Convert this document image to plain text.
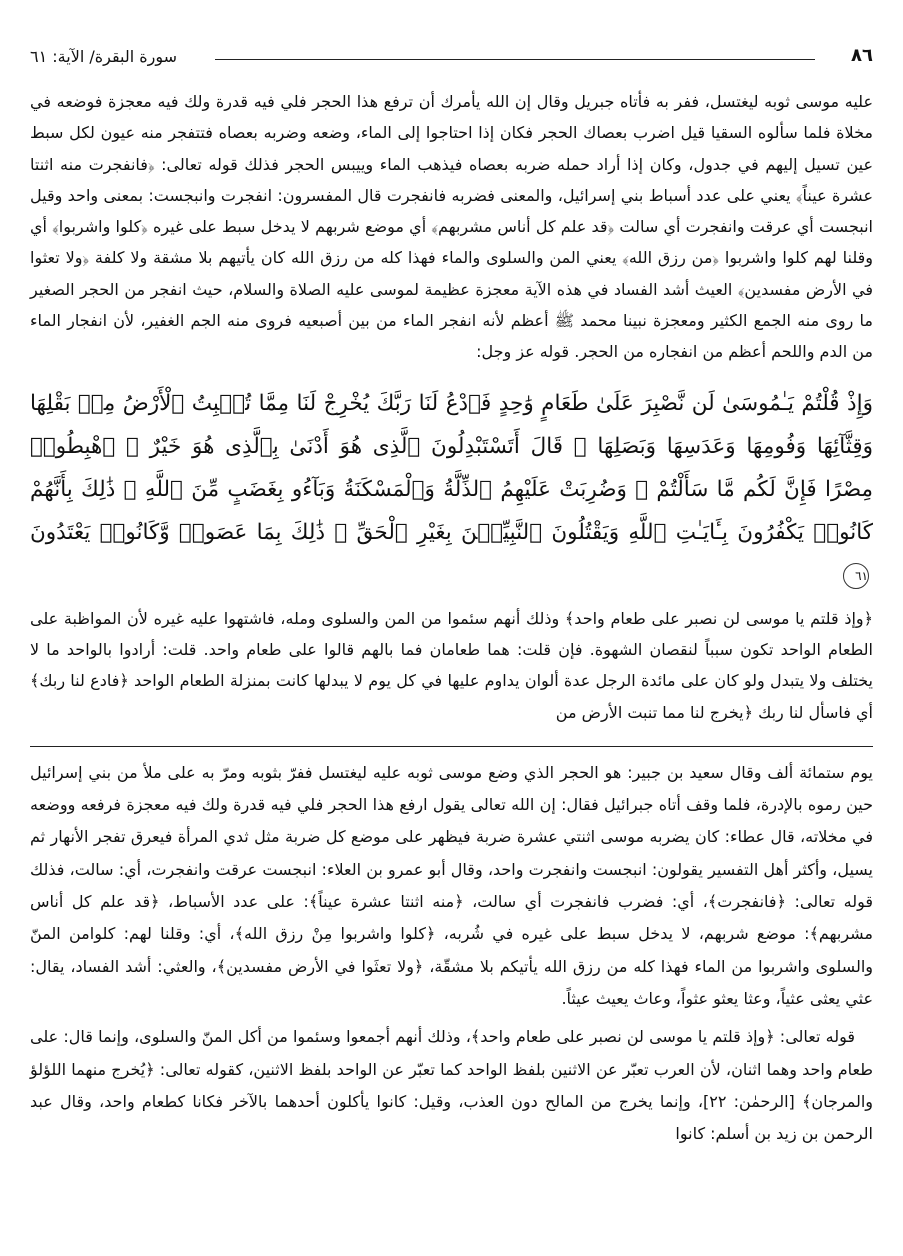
٨٦
سورة البقرة/ الآية: ٦١

عليه موسى ثوبه ليغتسل، ففر به فأتاه جبريل وقال إن الله يأمرك أن ترفع هذا الحجر فلي فيه قدرة ولك فيه معجزة فوضعه في مخلاة فلما سألوه السقيا قيل اضرب بعصاك الحجر فكان إذا احتاجوا إلى الماء، وضعه وضربه بعصاه فتتفجر منه عيون لكل سبط عين تسيل إليهم في جدول، وكان إذا أراد حمله ضربه بعصاه فيذهب الماء وييبس الحجر فذلك قوله تعالى: ﴿فانفجرت منه اثنتا عشرة عيناً﴾ يعني على عدد أسباط بني إسرائيل، والمعنى فضربه فانفجرت قال المفسرون: انفجرت وانبجست: بمعنى واحد وقيل انبجست أي عرقت وانفجرت أي سالت ﴿قد علم كل أناس مشربهم﴾ أي موضع شربهم لا يدخل سبط على غيره ﴿كلوا واشربوا﴾ أي وقلنا لهم كلوا واشربوا ﴿من رزق الله﴾ يعني المن والسلوى والماء فهذا كله من رزق الله كان يأتيهم بلا مشقة ولا كلفة ﴿ولا تعثوا في الأرض مفسدين﴾ العيث أشد الفساد في هذه الآية معجزة عظيمة لموسى عليه الصلاة والسلام، حيث انفجر من الحجر الصغير ما روى منه الجمع الكثير ومعجزة نبينا محمد ﷺ أعظم لأنه انفجر الماء من بين أصبعيه فروى منه الجم الغفير، لأن انفجار الماء من الدم واللحم أعظم من انفجاره من الحجر. قوله عز وجل:

وَإِذْ قُلْتُمْ يَـٰمُوسَىٰ لَن نَّصْبِرَ عَلَىٰ طَعَامٍ وَٰحِدٍ فَٱدْعُ لَنَا رَبَّكَ يُخْرِجْ لَنَا مِمَّا تُنۢبِتُ ٱلْأَرْضُ مِنۢ بَقْلِهَا وَقِثَّآئِهَا وَفُومِهَا وَعَدَسِهَا وَبَصَلِهَا ۖ قَالَ أَتَسْتَبْدِلُونَ ٱلَّذِى هُوَ أَدْنَىٰ بِٱلَّذِى هُوَ خَيْرٌ ۚ ٱهْبِطُوا۟ مِصْرًا فَإِنَّ لَكُم مَّا سَأَلْتُمْ ۗ وَضُرِبَتْ عَلَيْهِمُ ٱلذِّلَّةُ وَٱلْمَسْكَنَةُ وَبَآءُو بِغَضَبٍ مِّنَ ٱللَّهِ ۗ ذَٰلِكَ بِأَنَّهُمْ كَانُوا۟ يَكْفُرُونَ بِـَٔايَـٰتِ ٱللَّهِ وَيَقْتُلُونَ ٱلنَّبِيِّـۧنَ بِغَيْرِ ٱلْحَقِّ ۗ ذَٰلِكَ بِمَا عَصَوا۟ وَّكَانُوا۟ يَعْتَدُونَ ٦١

﴿وإذ قلتم يا موسى لن نصبر على طعام واحد﴾ وذلك أنهم سئموا من المن والسلوى ومله، فاشتهوا عليه غيره لأن المواظبة على الطعام الواحد تكون سبباً لنقصان الشهوة. فإن قلت: هما طعامان فما بالهم قالوا على طعام واحد. قلت: أرادوا بالواحد ما لا يختلف ولا يتبدل ولو كان على مائدة الرجل عدة ألوان يداوم عليها في كل يوم لا يبدلها كانت بمنزلة الطعام الواحد ﴿فادع لنا ربك﴾ أي فاسأل لنا ربك ﴿يخرج لنا مما تنبت الأرض من

يوم ستمائة ألف وقال سعيد بن جبير: هو الحجر الذي وضع موسى ثوبه عليه ليغتسل ففرّ بثوبه ومرّ به على ملأ من بني إسرائيل حين رموه بالإدرة، فلما وقف أتاه جبرائيل فقال: إن الله تعالى يقول ارفع هذا الحجر فلي فيه قدرة ولك فيه معجزة فرفعه ووضعه في مخلاته، قال عطاء: كان يضربه موسى اثنتي عشرة ضربة فيظهر على موضع كل ضربة مثل ثدي المرأة فيعرق تفجر الأنهار ثم يسيل، وأكثر أهل التفسير يقولون: انبجست وانفجرت واحد، وقال أبو عمرو بن العلاء: انبجست عرقت وانفجرت، أي: سالت، فذلك قوله تعالى: ﴿فانفجرت﴾، أي: فضرب فانفجرت أي سالت، ﴿منه اثنتا عشرة عيناً﴾: على عدد الأسباط، ﴿قد علم كل أناس مشربهم﴾: موضع شربهم، لا يدخل سبط على غيره في شُربه، ﴿كلوا واشربوا مِنْ رزق الله﴾، أي: وقلنا لهم: كلوامن المنّ والسلوى واشربوا من الماء فهذا كله من رزق الله يأتيكم بلا مشقّة، ﴿ولا تعثَوا في الأرض مفسدين﴾، والعثي: أشد الفساد، يقال: عثي يعثى عثياً، وعثا يعثو عثواً، وعاث يعيث عيثاً.

قوله تعالى: ﴿وإذ قلتم يا موسى لن نصبر على طعام واحد﴾، وذلك أنهم أجمعوا وسئموا من أكل المنّ والسلوى، وإنما قال: على طعام واحد وهما اثنان، لأن العرب تعبّر عن الاثنين بلفظ الواحد كما تعبّر عن الواحد بلفظ الاثنين، كقوله تعالى: ﴿يُخرج منهما اللؤلؤ والمرجان﴾ [الرحمٰن: ٢٢]، وإنما يخرج من المالح دون العذب، وقيل: كانوا يأكلون أحدهما بالآخر فكانا كطعام واحد، وقال عبد الرحمن بن زيد بن أسلم: كانوا
